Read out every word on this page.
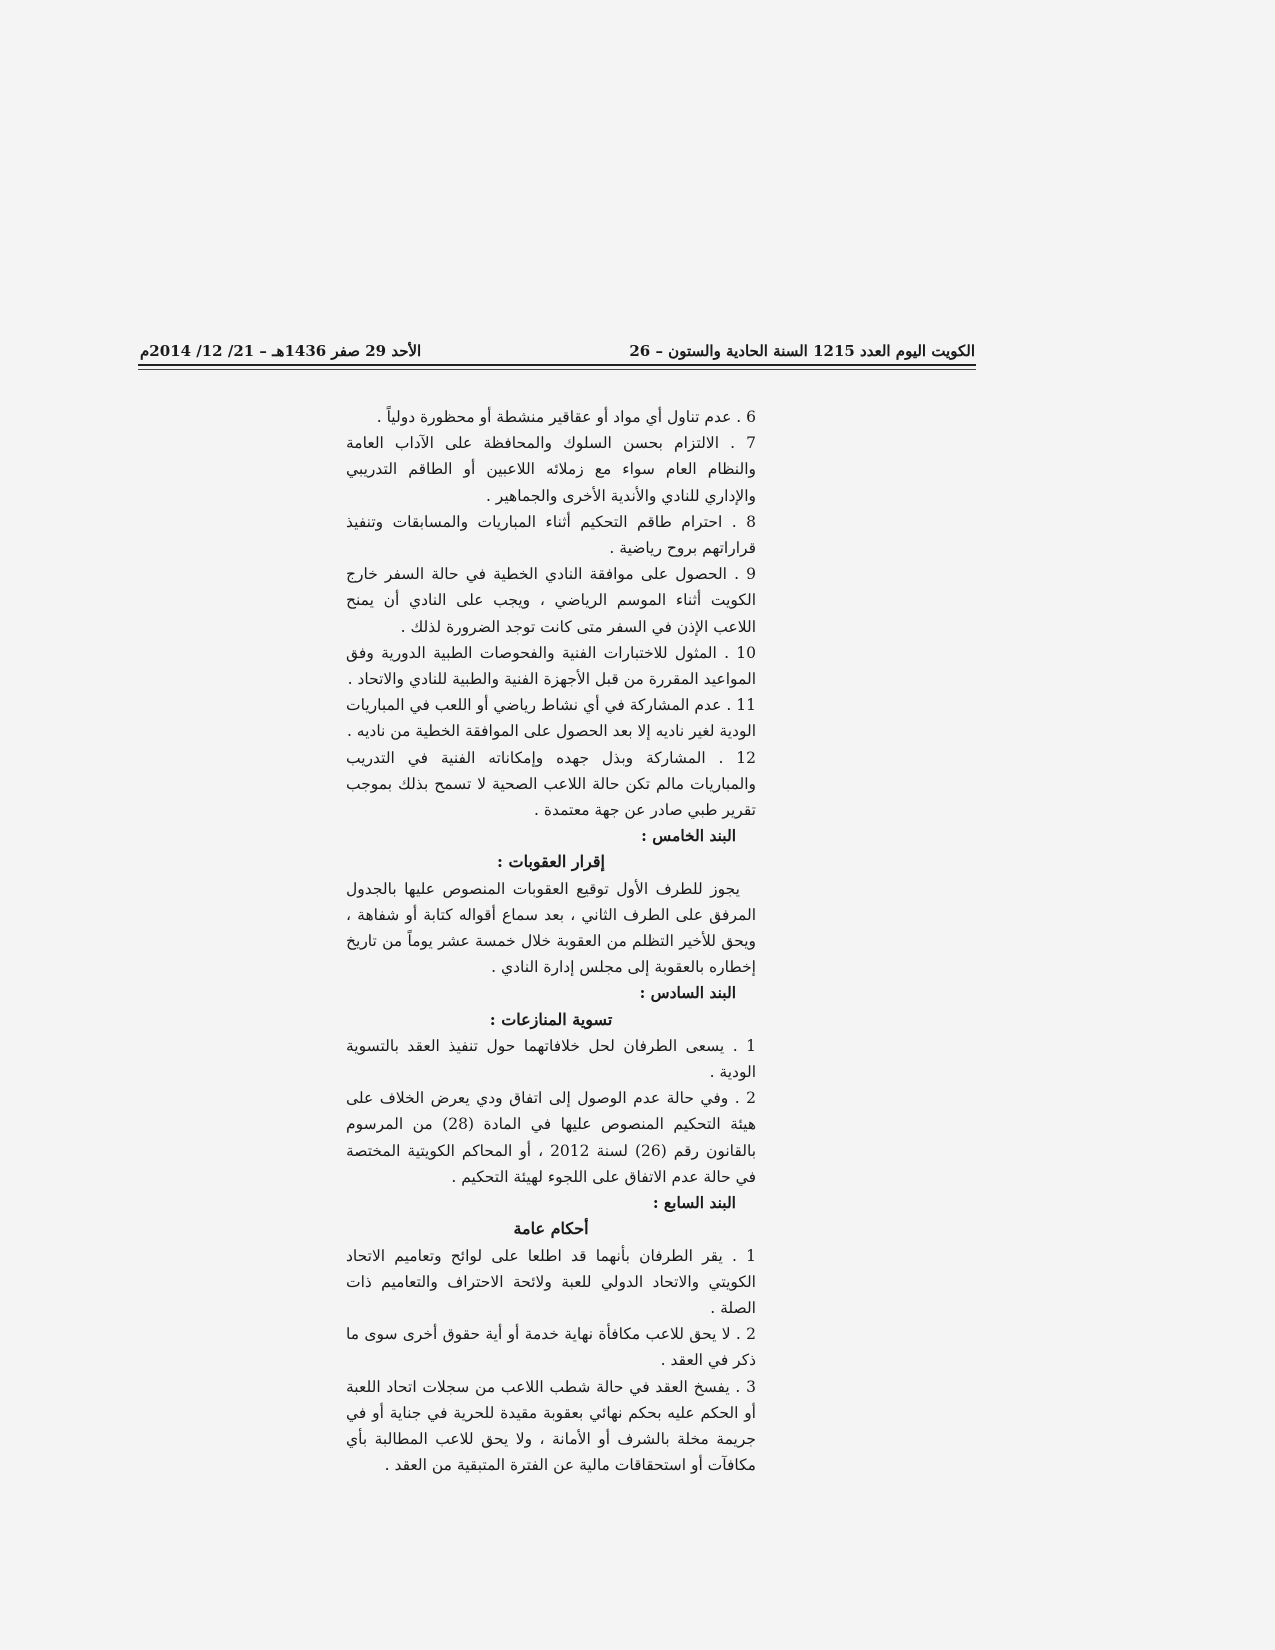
الكويت اليوم العدد 1215 السنة الحادية والستون – 26
الأحد 29 صفر 1436هـ – 21/ 12/ 2014م

6 . عدم تناول أي مواد أو عقاقير منشطة أو محظورة دولياً .

7 . الالتزام بحسن السلوك والمحافظة على الآداب العامة والنظام العام سواء مع زملائه اللاعبين أو الطاقم التدريبي والإداري للنادي والأندية الأخرى والجماهير .

8 . احترام طاقم التحكيم أثناء المباريات والمسابقات وتنفيذ قراراتهم بروح رياضية .

9 . الحصول على موافقة النادي الخطية في حالة السفر خارج الكويت أثناء الموسم الرياضي ، ويجب على النادي أن يمنح اللاعب الإذن في السفر متى كانت توجد الضرورة لذلك .

10 . المثول للاختبارات الفنية والفحوصات الطبية الدورية وفق المواعيد المقررة من قبل الأجهزة الفنية والطبية للنادي والاتحاد .

11 . عدم المشاركة في أي نشاط رياضي أو اللعب في المباريات الودية لغير ناديه إلا بعد الحصول على الموافقة الخطية من ناديه .

12 . المشاركة وبذل جهده وإمكاناته الفنية في التدريب والمباريات مالم تكن حالة اللاعب الصحية لا تسمح بذلك بموجب تقرير طبي صادر عن جهة معتمدة .

البند الخامس :

إقرار العقوبات :

يجوز للطرف الأول توقيع العقوبات المنصوص عليها بالجدول المرفق على الطرف الثاني ، بعد سماع أقواله كتابة أو شفاهة ، ويحق للأخير التظلم من العقوبة خلال خمسة عشر يوماً من تاريخ إخطاره بالعقوبة إلى مجلس إدارة النادي .

البند السادس :

تسوية المنازعات :

1 . يسعى الطرفان لحل خلافاتهما حول تنفيذ العقد بالتسوية الودية .

2 . وفي حالة عدم الوصول إلى اتفاق ودي يعرض الخلاف على هيئة التحكيم المنصوص عليها في المادة (28) من المرسوم بالقانون رقم (26) لسنة 2012 ، أو المحاكم الكويتية المختصة في حالة عدم الاتفاق على اللجوء لهيئة التحكيم .

البند السابع :

أحكام عامة

1 . يقر الطرفان بأنهما قد اطلعا على لوائح وتعاميم الاتحاد الكويتي والاتحاد الدولي للعبة ولائحة الاحتراف والتعاميم ذات الصلة .

2 . لا يحق للاعب مكافأة نهاية خدمة أو أية حقوق أخرى سوى ما ذكر في العقد .

3 . يفسخ العقد في حالة شطب اللاعب من سجلات اتحاد اللعبة أو الحكم عليه بحكم نهائي بعقوبة مقيدة للحرية في جناية أو في جريمة مخلة بالشرف أو الأمانة ، ولا يحق للاعب المطالبة بأي مكافآت أو استحقاقات مالية عن الفترة المتبقية من العقد .
